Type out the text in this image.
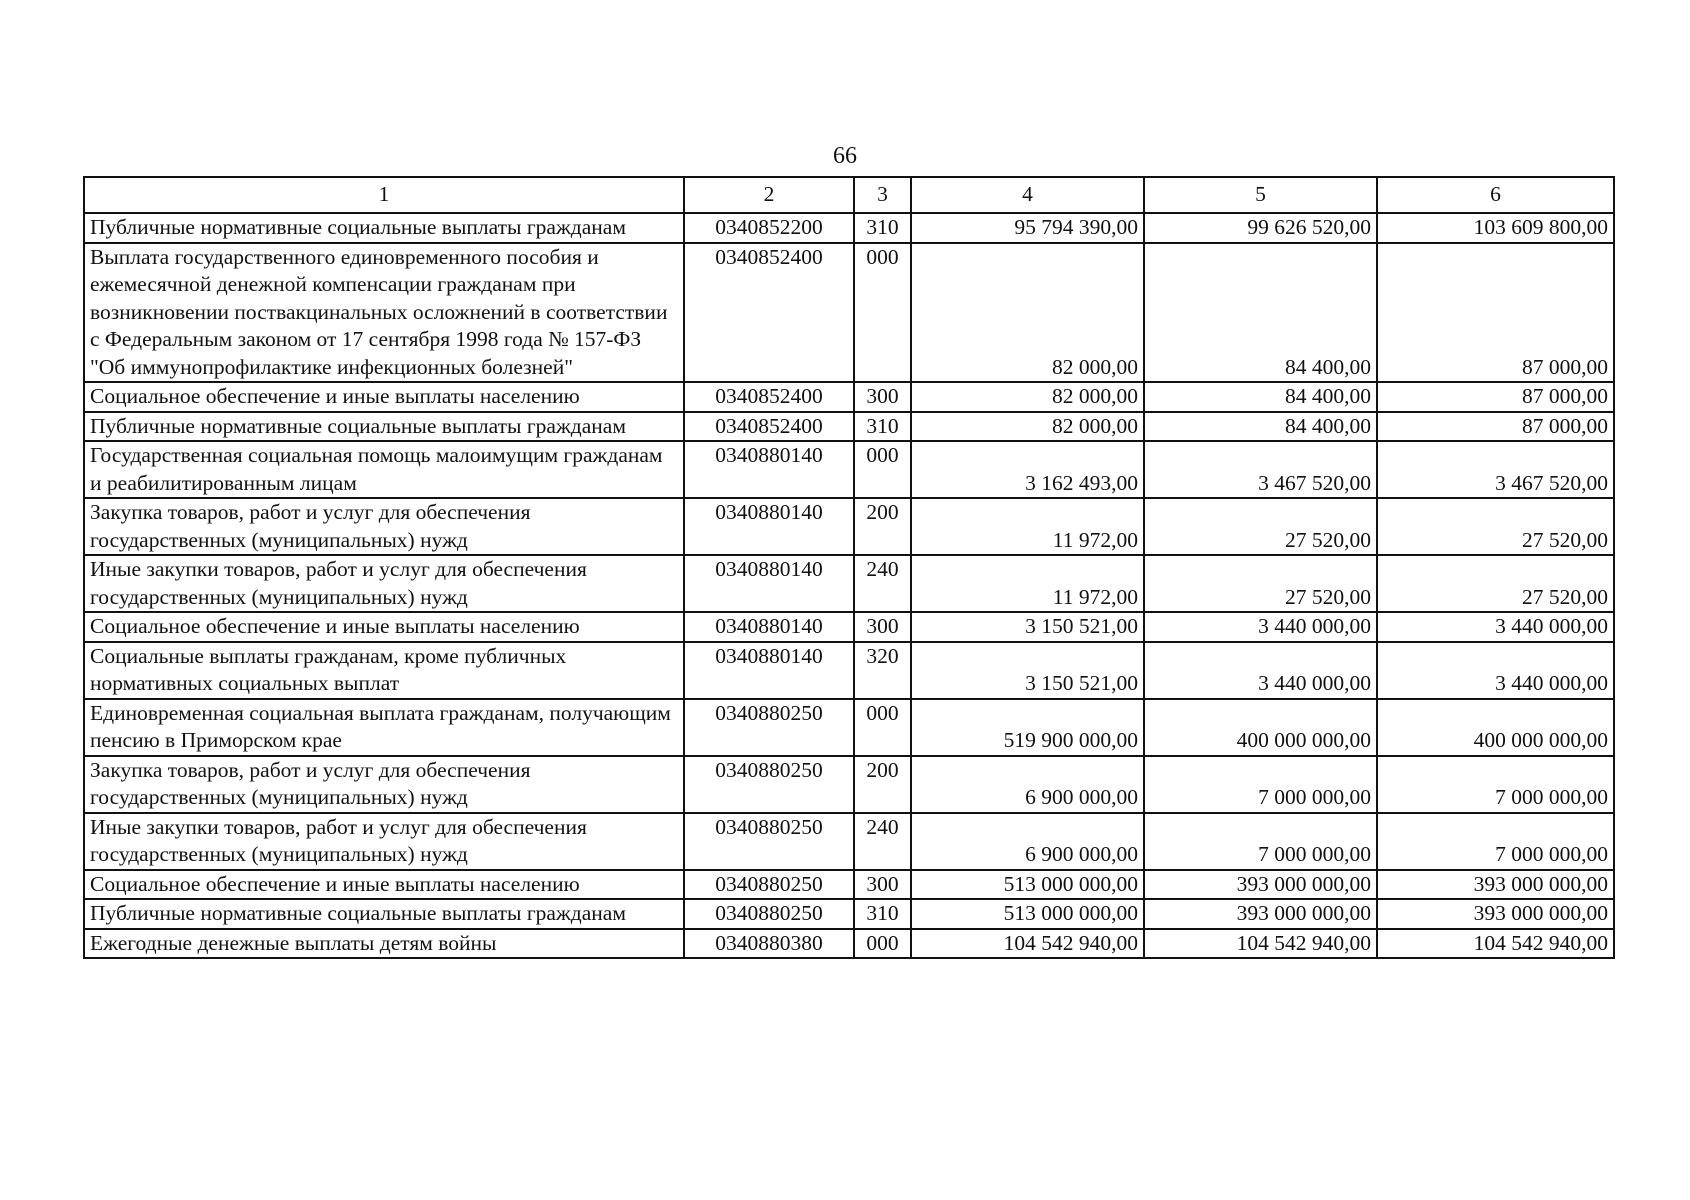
66
1	2	3	4	5	6
Публичные нормативные социальные выплаты гражданам	0340852200	310	95 794 390,00	99 626 520,00	103 609 800,00
Выплата государственного единовременного пособия и ежемесячной денежной компенсации гражданам при возникновении поствакцинальных осложнений в соответствии с Федеральным законом от 17 сентября 1998 года № 157-ФЗ "Об иммунопрофилактике инфекционных болезней"	0340852400	000	82 000,00	84 400,00	87 000,00
Социальное обеспечение и иные выплаты населению	0340852400	300	82 000,00	84 400,00	87 000,00
Публичные нормативные социальные выплаты гражданам	0340852400	310	82 000,00	84 400,00	87 000,00
Государственная социальная помощь малоимущим гражданам и реабилитированным лицам	0340880140	000	3 162 493,00	3 467 520,00	3 467 520,00
Закупка товаров, работ и услуг для обеспечения государственных (муниципальных) нужд	0340880140	200	11 972,00	27 520,00	27 520,00
Иные закупки товаров, работ и услуг для обеспечения государственных (муниципальных) нужд	0340880140	240	11 972,00	27 520,00	27 520,00
Социальное обеспечение и иные выплаты населению	0340880140	300	3 150 521,00	3 440 000,00	3 440 000,00
Социальные выплаты гражданам, кроме публичных нормативных социальных выплат	0340880140	320	3 150 521,00	3 440 000,00	3 440 000,00
Единовременная социальная выплата гражданам, получающим пенсию в Приморском крае	0340880250	000	519 900 000,00	400 000 000,00	400 000 000,00
Закупка товаров, работ и услуг для обеспечения государственных (муниципальных) нужд	0340880250	200	6 900 000,00	7 000 000,00	7 000 000,00
Иные закупки товаров, работ и услуг для обеспечения государственных (муниципальных) нужд	0340880250	240	6 900 000,00	7 000 000,00	7 000 000,00
Социальное обеспечение и иные выплаты населению	0340880250	300	513 000 000,00	393 000 000,00	393 000 000,00
Публичные нормативные социальные выплаты гражданам	0340880250	310	513 000 000,00	393 000 000,00	393 000 000,00
Ежегодные денежные выплаты детям войны	0340880380	000	104 542 940,00	104 542 940,00	104 542 940,00
